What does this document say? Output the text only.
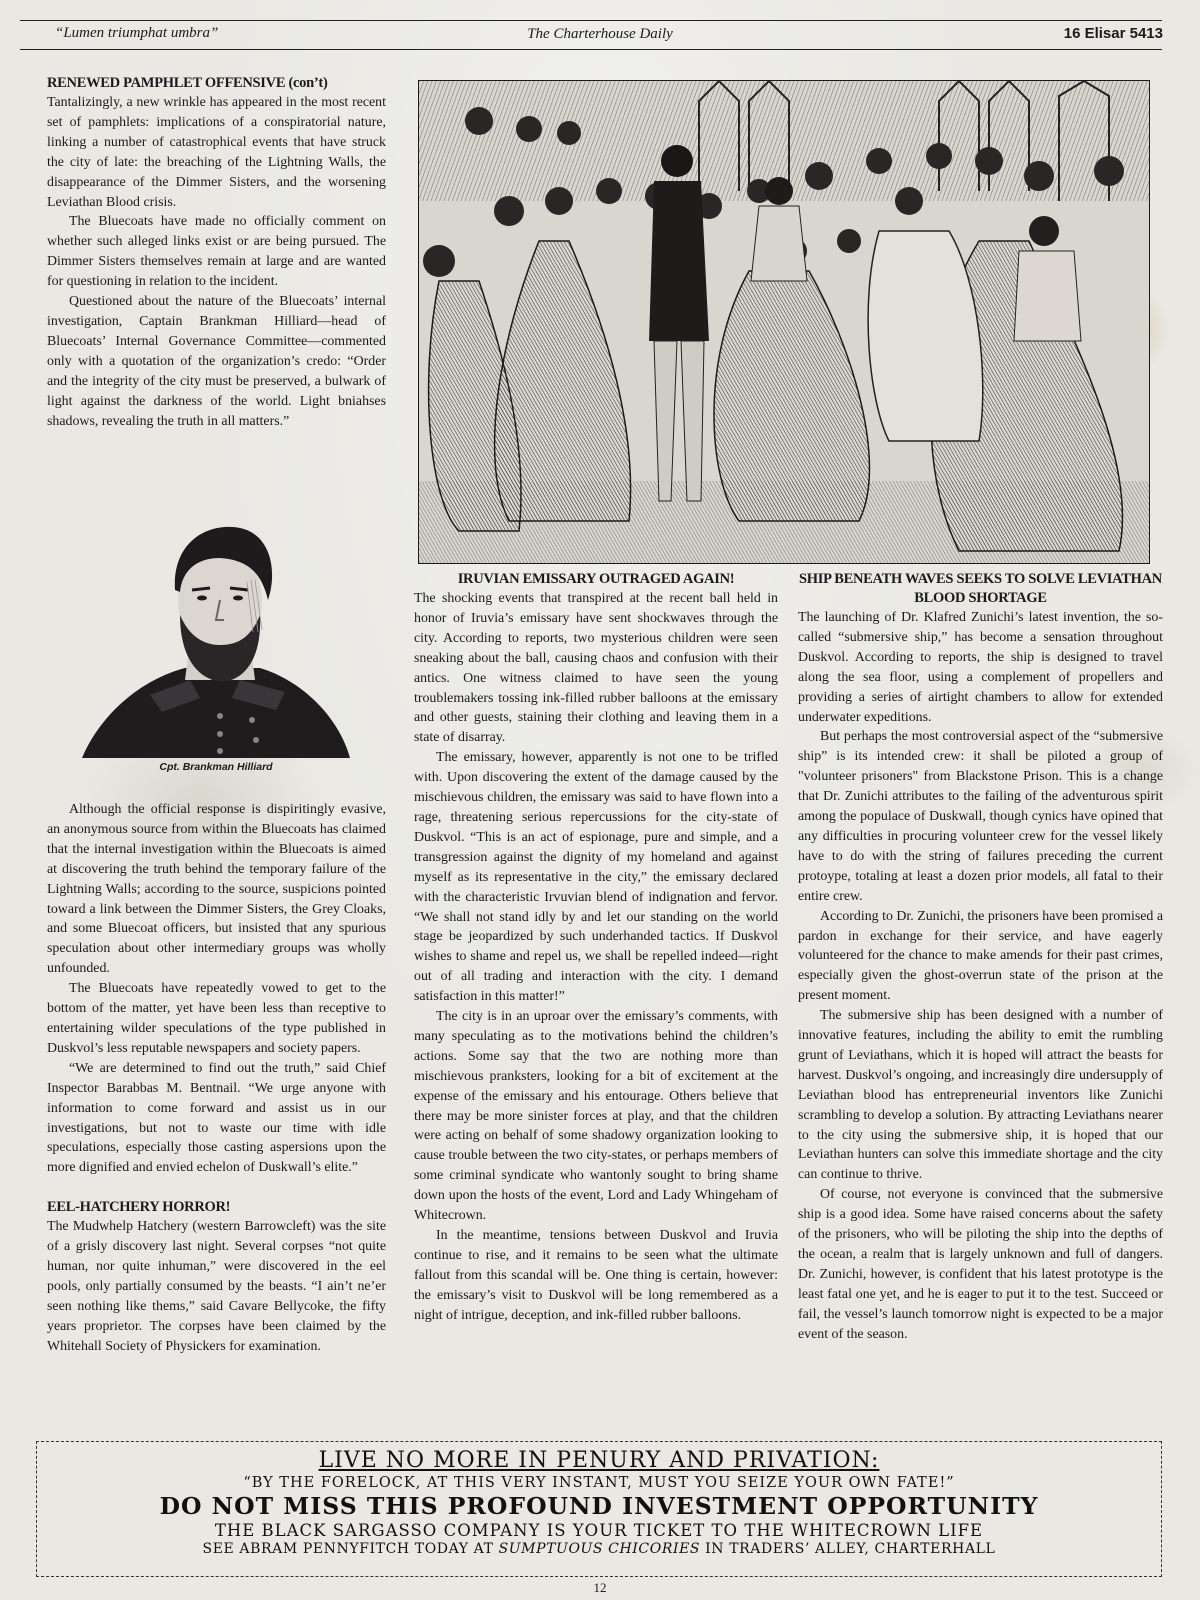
“Lumen triumphat umbra”	The Charterhouse Daily	16 Elisar 5413
RENEWED PAMPHLET OFFENSIVE (con’t)

Tantalizingly, a new wrinkle has appeared in the most recent set of pamphlets: implications of a conspiratorial nature, linking a number of catastrophical events that have struck the city of late: the breaching of the Lightning Walls, the disappearance of the Dimmer Sisters, and the worsening Leviathan Blood crisis.

The Bluecoats have made no officially comment on whether such alleged links exist or are being pursued. The Dimmer Sisters themselves remain at large and are wanted for questioning in relation to the incident.

Questioned about the nature of the Bluecoats’ internal investigation, Captain Brankman Hilliard—head of Bluecoats’ Internal Governance Committee—commented only with a quotation of the organization’s credo: “Order and the integrity of the city must be preserved, a bulwark of light against the darkness of the world. Light bniahses shadows, revealing the truth in all matters.”

Cpt. Brankman Hilliard

Although the official response is dispiritingly evasive, an anonymous source from within the Bluecoats has claimed that the internal investigation within the Bluecoats is aimed at discovering the truth behind the temporary failure of the Lightning Walls; according to the source, suspicions pointed toward a link between the Dimmer Sisters, the Grey Cloaks, and some Bluecoat officers, but insisted that any spurious speculation about other intermediary groups was wholly unfounded.

The Bluecoats have repeatedly vowed to get to the bottom of the matter, yet have been less than receptive to entertaining wilder speculations of the type published in Duskvol’s less reputable newspapers and society papers.

“We are determined to find out the truth,” said Chief Inspector Barabbas M. Bentnail. “We urge anyone with information to come forward and assist us in our investigations, but not to waste our time with idle speculations, especially those casting aspersions upon the more dignified and envied echelon of Duskwall’s elite.”

EEL-HATCHERY HORROR!

The Mudwhelp Hatchery (western Barrowcleft) was the site of a grisly discovery last night. Several corpses “not quite human, nor quite inhuman,” were discovered in the eel pools, only partially consumed by the beasts. “I ain’t ne’er seen nothing like thems,” said Cavare Bellycoke, the fifty years proprietor. The corpses have been claimed by the Whitehall Society of Physickers for examination.

IRUVIAN EMISSARY OUTRAGED AGAIN!

The shocking events that transpired at the recent ball held in honor of Iruvia’s emissary have sent shockwaves through the city. According to reports, two mysterious children were seen sneaking about the ball, causing chaos and confusion with their antics. One witness claimed to have seen the young troublemakers tossing ink-filled rubber balloons at the emissary and other guests, staining their clothing and leaving them in a state of disarray.

The emissary, however, apparently is not one to be trifled with. Upon discovering the extent of the damage caused by the mischievous children, the emissary was said to have flown into a rage, threatening serious repercussions for the city-state of Duskvol. “This is an act of espionage, pure and simple, and a transgression against the dignity of my homeland and against myself as its representative in the city,” the emissary declared with the characteristic Irvuvian blend of indignation and fervor. “We shall not stand idly by and let our standing on the world stage be jeopardized by such underhanded tactics. If Duskvol wishes to shame and repel us, we shall be repelled indeed—right out of all trading and interaction with the city. I demand satisfaction in this matter!”

The city is in an uproar over the emissary’s comments, with many speculating as to the motivations behind the children’s actions. Some say that the two are nothing more than mischievous pranksters, looking for a bit of excitement at the expense of the emissary and his entourage. Others believe that there may be more sinister forces at play, and that the children were acting on behalf of some shadowy organization looking to cause trouble between the two city-states, or perhaps members of some criminal syndicate who wantonly sought to bring shame down upon the hosts of the event, Lord and Lady Whingeham of Whitecrown.

In the meantime, tensions between Duskvol and Iruvia continue to rise, and it remains to be seen what the ultimate fallout from this scandal will be. One thing is certain, however: the emissary’s visit to Duskvol will be long remembered as a night of intrigue, deception, and ink-filled rubber balloons.

SHIP BENEATH WAVES SEEKS TO SOLVE LEVIATHAN BLOOD SHORTAGE

The launching of Dr. Klafred Zunichi’s latest invention, the so-called “submersive ship,” has become a sensation throughout Duskvol. According to reports, the ship is designed to travel along the sea floor, using a complement of propellers and providing a series of airtight chambers to allow for extended underwater expeditions.

But perhaps the most controversial aspect of the “submersive ship” is its intended crew: it shall be piloted a group of "volunteer prisoners" from Blackstone Prison. This is a change that Dr. Zunichi attributes to the failing of the adventurous spirit among the populace of Duskwall, though cynics have opined that any difficulties in procuring volunteer crew for the vessel likely have to do with the string of failures preceding the current protoype, totaling at least a dozen prior models, all fatal to their entire crew.

According to Dr. Zunichi, the prisoners have been promised a pardon in exchange for their service, and have eagerly volunteered for the chance to make amends for their past crimes, especially given the ghost-overrun state of the prison at the present moment.

The submersive ship has been designed with a number of innovative features, including the ability to emit the rumbling grunt of Leviathans, which it is hoped will attract the beasts for harvest. Duskvol’s ongoing, and increasingly dire undersupply of Leviathan blood has entrepreneurial inventors like Zunichi scrambling to develop a solution. By attracting Leviathans nearer to the city using the submersive ship, it is hoped that our Leviathan hunters can solve this immediate shortage and the city can continue to thrive.

Of course, not everyone is convinced that the submersive ship is a good idea. Some have raised concerns about the safety of the prisoners, who will be piloting the ship into the depths of the ocean, a realm that is largely unknown and full of dangers. Dr. Zunichi, however, is confident that his latest prototype is the least fatal one yet, and he is eager to put it to the test. Succeed or fail, the vessel’s launch tomorrow night is expected to be a major event of the season.

LIVE NO MORE IN PENURY AND PRIVATION:
“BY THE FORELOCK, AT THIS VERY INSTANT, MUST YOU SEIZE YOUR OWN FATE!”
DO NOT MISS THIS PROFOUND INVESTMENT OPPORTUNITY
THE BLACK SARGASSO COMPANY IS YOUR TICKET TO THE WHITECROWN LIFE
SEE ABRAM PENNYFITCH TODAY AT SUMPTUOUS CHICORIES IN TRADERS’ ALLEY, CHARTERHALL
12
